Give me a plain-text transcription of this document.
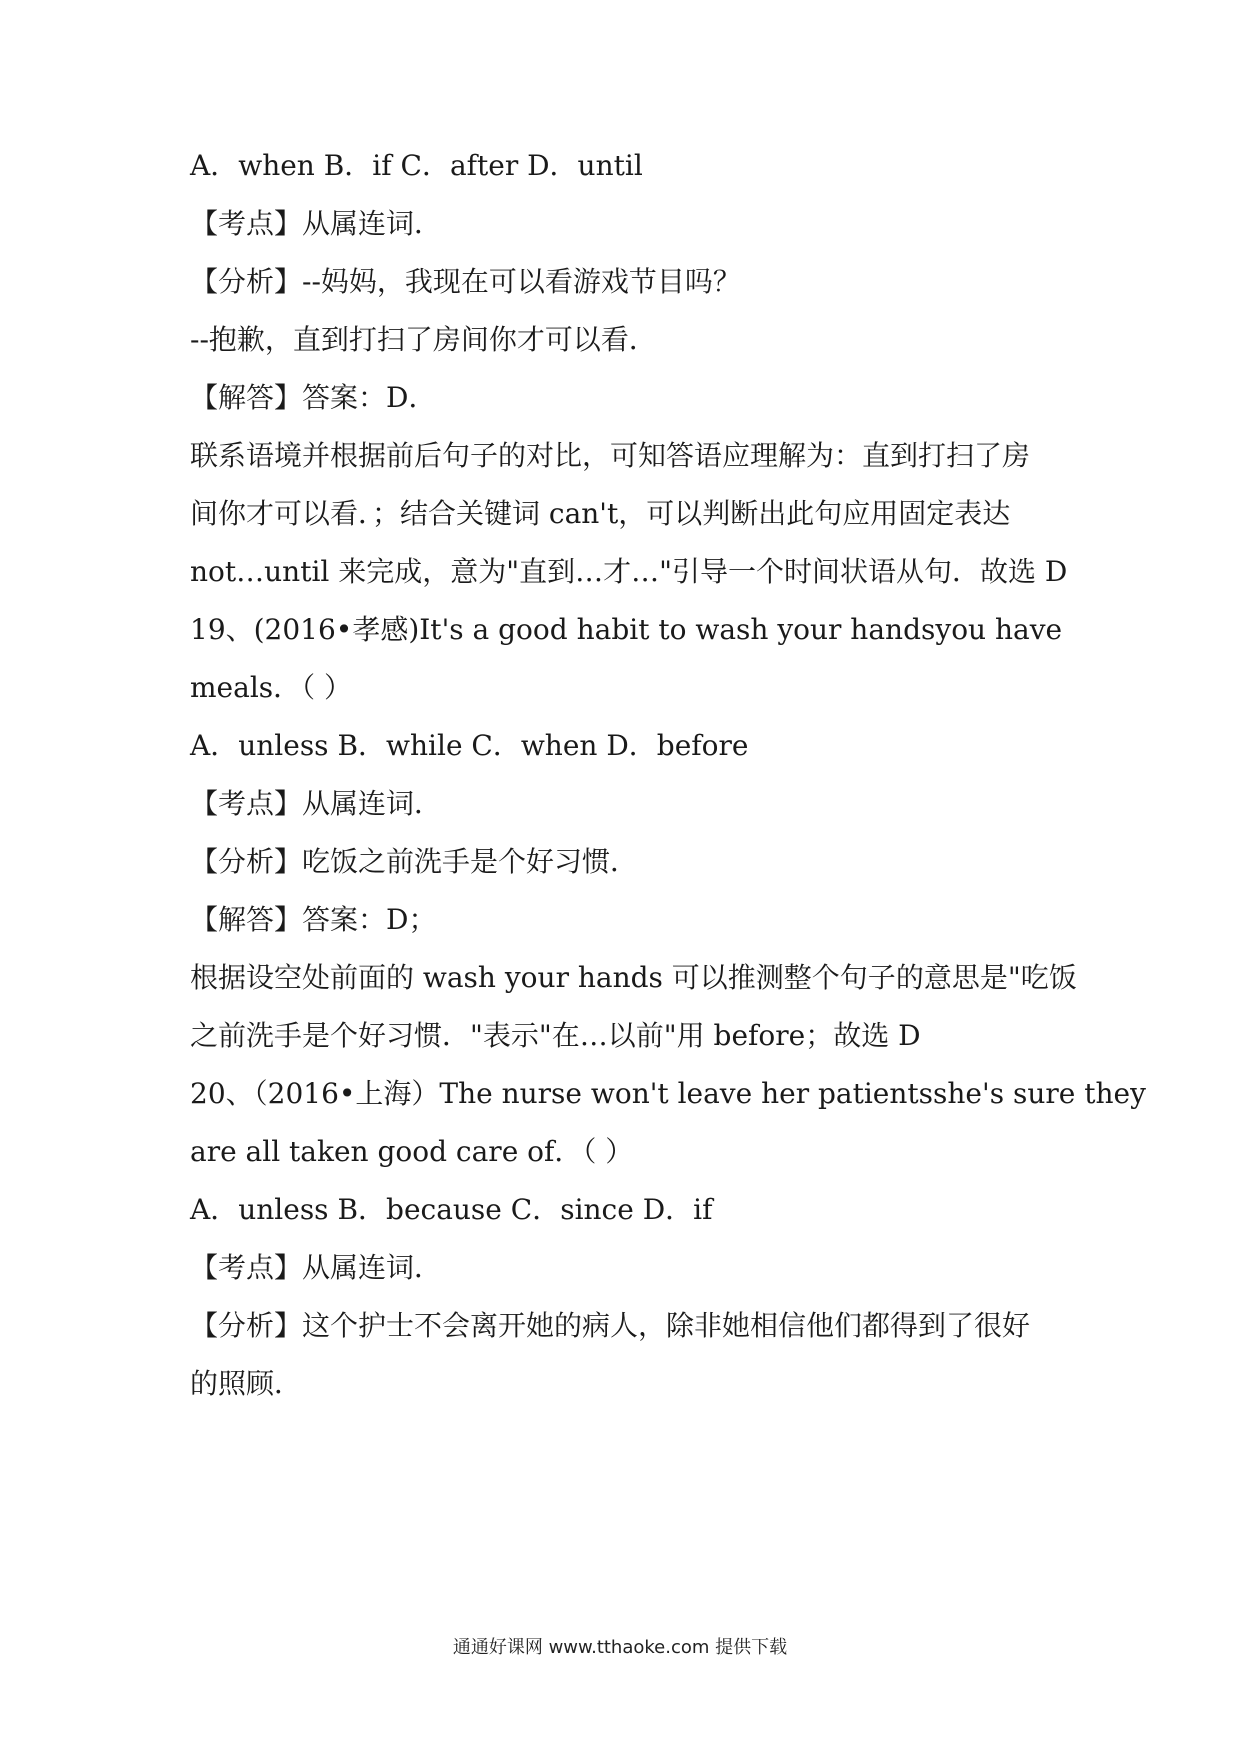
A．when B．if C．after D．until
【考点】从属连词．
【分析】--妈妈，我现在可以看游戏节目吗？
--抱歉，直到打扫了房间你才可以看．
【解答】答案：D．
联系语境并根据前后句子的对比，可知答语应理解为：直到打扫了房
间你才可以看．；结合关键词 can't，可以判断出此句应用固定表达
not…until 来完成，意为"直到…才…"引导一个时间状语从句．故选 D
19、(2016•孝感)It's a good habit to wash your hands you have
meals．（ ）
A．unless B．while C．when D．before
【考点】从属连词．
【分析】吃饭之前洗手是个好习惯．
【解答】答案：D；
根据设空处前面的 wash your hands 可以推测整个句子的意思是"吃饭
之前洗手是个好习惯．"表示"在…以前"用 before；故选 D
20、（2016•上海）The nurse won't leave her patients she's sure they
are all taken good care of．（ ）
A．unless B．because C．since D．if
【考点】从属连词．
【分析】这个护士不会离开她的病人，除非她相信他们都得到了很好
的照顾．
通通好课网 www.tthaoke.com 提供下载
